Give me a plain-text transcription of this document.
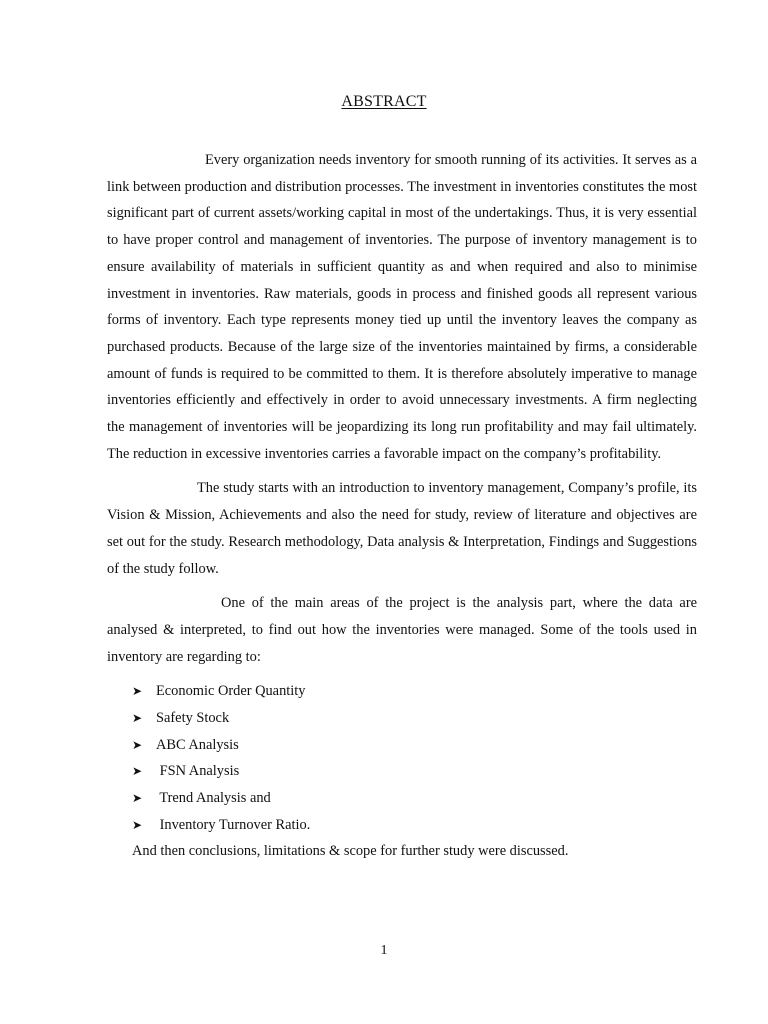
ABSTRACT

Every organization needs inventory for smooth running of its activities. It serves as a link between production and distribution processes. The investment in inventories constitutes the most significant part of current assets/working capital in most of the undertakings. Thus, it is very essential to have proper control and management of inventories. The purpose of inventory management is to ensure availability of materials in sufficient quantity as and when required and also to minimise investment in inventories. Raw materials, goods in process and finished goods all represent various forms of inventory. Each type represents money tied up until the inventory leaves the company as purchased products. Because of the large size of the inventories maintained by firms, a considerable amount of funds is required to be committed to them. It is therefore absolutely imperative to manage inventories efficiently and effectively in order to avoid unnecessary investments. A firm neglecting the management of inventories will be jeopardizing its long run profitability and may fail ultimately. The reduction in excessive inventories carries a favorable impact on the company’s profitability.

The study starts with an introduction to inventory management, Company’s profile, its Vision & Mission, Achievements and also the need for study, review of literature and objectives are set out for the study. Research methodology, Data analysis & Interpretation, Findings and Suggestions of the study follow.

One of the main areas of the project is the analysis part, where the data are analysed & interpreted, to find out how the inventories were managed. Some of the tools used in inventory are regarding to:

➤ Economic Order Quantity
➤ Safety Stock
➤ ABC Analysis
➤ FSN Analysis
➤ Trend Analysis and
➤ Inventory Turnover Ratio.

And then conclusions, limitations & scope for further study were discussed.

1
